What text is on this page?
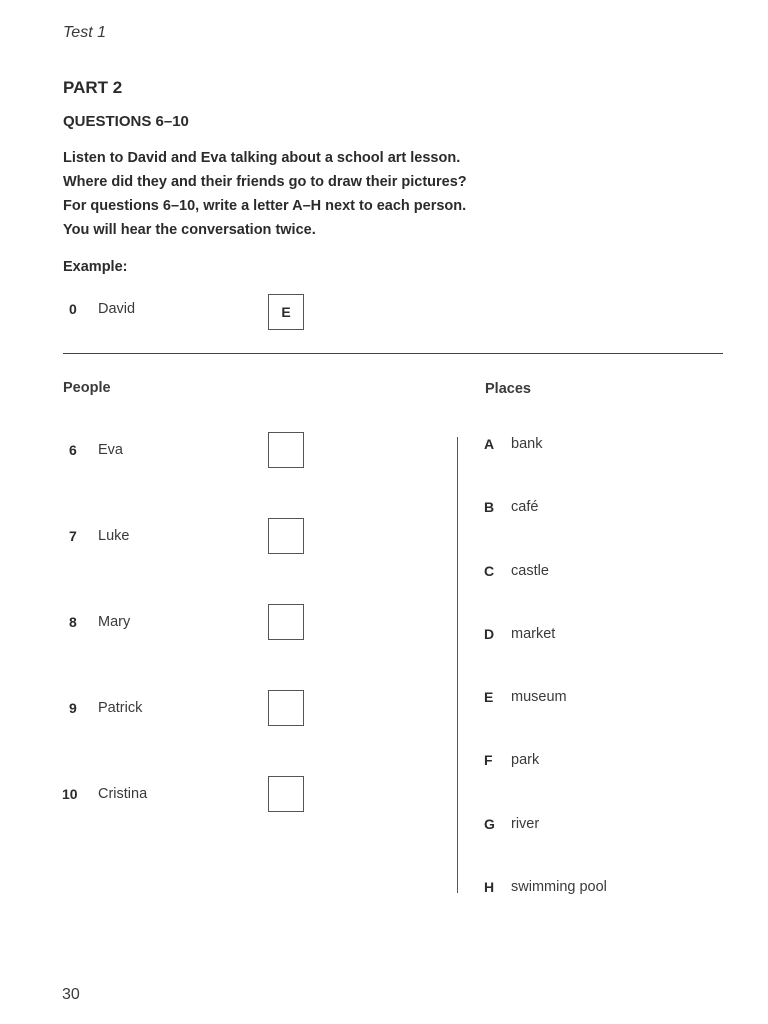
Test 1
PART 2
QUESTIONS 6–10
Listen to David and Eva talking about a school art lesson.
Where did they and their friends go to draw their pictures?
For questions 6–10, write a letter A–H next to each person.
You will hear the conversation twice.
Example:
0 David	E
People	Places
6 Eva
7 Luke
8 Mary
9 Patrick
10 Cristina
A bank
B café
C castle
D market
E museum
F park
G river
H swimming pool
30
